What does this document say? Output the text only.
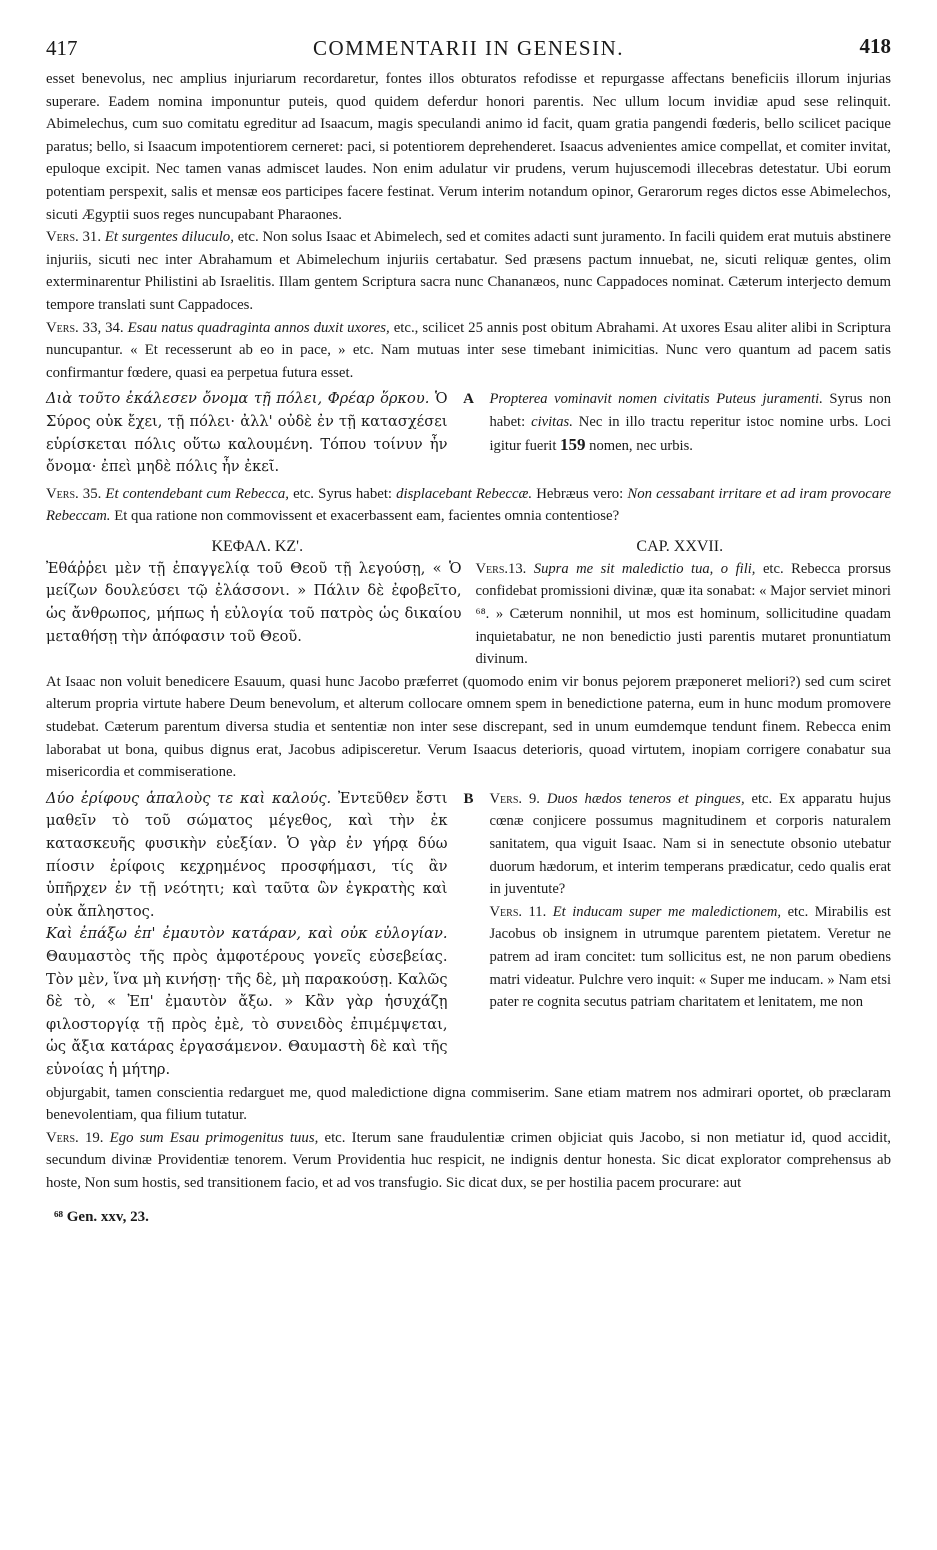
417	COMMENTARII IN GENESIN.	418

esset benevolus, nec amplius injuriarum recordaretur, fontes illos obturatos refodisse et repurgasse affectans beneficiis illorum injurias superare. Eadem nomina imponuntur puteis, quod quidem deferdur honori parentis. Nec ullum locum invidiæ apud sese relinquit. Abimelechus, cum suo comitatu egreditur ad Isaacum, magis speculandi animo id facit, quam gratia pangendi fœderis, bello scilicet pacique paratus; bello, si Isaacum impotentiorem cerneret: paci, si potentiorem deprehenderet. Isaacus advenientes amice compellat, et comiter invitat, epuloque excipit. Nec tamen vanas admiscet laudes. Non enim adulatur vir prudens, verum hujuscemodi illecebras detestatur. Ubi eorum potentiam perspexit, salis et mensæ eos participes facere festinat. Verum interim notandum opinor, Gerarorum reges dictos esse Abimelechos, sicuti Ægyptii suos reges nuncupabant Pharaones.

Vers. 31. Et surgentes diluculo, etc. Non solus Isaac et Abimelech, sed et comites adacti sunt juramento. In facili quidem erat mutuis abstinere injuriis, sicuti nec inter Abrahamum et Abimelechum injuriis certabatur. Sed præsens pactum innuebat, ne, sicuti reliquæ gentes, olim exterminarentur Philistini ab Israelitis. Illam gentem Scriptura sacra nunc Chananæos, nunc Cappadoces nominat. Cæterum interjecto demum tempore translati sunt Cappadoces.

Vers. 33, 34. Esau natus quadraginta annos duxit uxores, etc., scilicet 25 annis post obitum Abrahami. At uxores Esau aliter alibi in Scriptura nuncupantur. « Et recesserunt ab eo in pace, » etc. Nam mutuas inter sese timebant inimicitias. Nunc vero quantum ad pacem satis confirmantur fœdere, quasi ea perpetua futura esset.

Διὰ τοῦτο ἐκάλεσεν ὄνομα τῇ πόλει, Φρέαρ ὅρκου. Ὁ Σύρος οὐκ ἔχει, τῇ πόλει· ἀλλ' οὐδὲ ἐν τῇ κατασχέσει εὑρίσκεται πόλις οὕτω καλουμένη. Τόπου τοίνυν ἦν ὄνομα· ἐπεὶ μηδὲ πόλις ἦν ἐκεῖ.
A Propterea vominavit nomen civitatis Puteus juramenti. Syrus non habet: civitas. Nec in illo tractu reperitur istoc nomine urbs. Loci igitur fuerit 159 nomen, nec urbis.

Vers. 35. Et contendebant cum Rebecca, etc. Syrus habet: displacebant Rebeccæ. Hebræus vero: Non cessabant irritare et ad iram provocare Rebeccam. Et qua ratione non commovissent et exacerbassent eam, facientes omnia contentiose?

ΚΕΦΑΛ. ΚΖ'.	CAP. XXVII.
Ἐθάῤῥει μὲν τῇ ἐπαγγελίᾳ τοῦ Θεοῦ τῇ λεγούσῃ, « Ὁ μείζων δουλεύσει τῷ ἐλάσσονι. » Πάλιν δὲ ἐφοβεῖτο, ὡς ἄνθρωπος, μήπως ἡ εὐλογία τοῦ πατρὸς ὡς δικαίου μεταθήσῃ τὴν ἀπόφασιν τοῦ Θεοῦ.
Vers.13. Supra me sit maledictio tua, o fili, etc. Rebecca prorsus confidebat promissioni divinæ, quæ ita sonabat: « Major serviet minori ⁶⁸. » Cæterum nonnihil, ut mos est hominum, sollicitudine quadam inquietabatur, ne non benedictio justi parentis mutaret pronuntiatum divinum.

At Isaac non voluit benedicere Esauum, quasi hunc Jacobo præferret (quomodo enim vir bonus pejorem præponeret meliori?) sed cum sciret alterum propria virtute habere Deum benevolum, et alterum collocare omnem spem in benedictione paterna, eum in hunc modum promovere studebat. Cæterum parentum diversa studia et sententiæ non inter sese discrepant, sed in unum eumdemque tendunt finem. Rebecca enim laborabat ut bona, quibus dignus erat, Jacobus adipisceretur. Verum Isaacus deterioris, quoad virtutem, inopiam corrigere conabatur sua misericordia et commiseratione.

Δύο ἐρίφους ἁπαλοὺς τε καὶ καλούς. Ἐντεῦθεν ἔστι μαθεῖν τὸ τοῦ σώματος μέγεθος, καὶ τὴν ἐκ κατασκευῆς φυσικὴν εὐεξίαν. Ὁ γὰρ ἐν γήρᾳ δύω πίοσιν ἐρίφοις κεχρημένος προσφήμασι, τίς ἂν ὑπῆρχεν ἐν τῇ νεότητι; καὶ ταῦτα ὢν ἐγκρατὴς καὶ οὐκ ἄπληστος.
Καὶ ἐπάξω ἐπ' ἐμαυτὸν κατάραν, καὶ οὐκ εὐλογίαν. Θαυμαστὸς τῆς πρὸς ἀμφοτέρους γονεῖς εὐσεβείας. Τὸν μὲν, ἵνα μὴ κινήσῃ· τῆς δὲ, μὴ παρακούσῃ. Καλῶς δὲ τὸ, « Ἐπ' ἐμαυτὸν ἄξω. » Κἂν γὰρ ἡσυχάζῃ φιλοστοργίᾳ τῇ πρὸς ἐμὲ, τὸ συνειδὸς ἐπιμέμψεται, ὡς ἄξια κατάρας ἐργασάμενον. Θαυμαστὴ δὲ καὶ τῆς εὐνοίας ἡ μήτηρ.
B Vers. 9. Duos hædos teneros et pingues, etc. Ex apparatu hujus cœnæ conjicere possumus magnitudinem et corporis naturalem sanitatem, qua viguit Isaac. Nam si in senectute obsonio utebatur duorum hædorum, et interim temperans prædicatur, cedo qualis erat in juventute?
Vers. 11. Et inducam super me maledictionem, etc. Mirabilis est Jacobus ob insignem in utrumque parentem pietatem. Veretur ne patrem ad iram concitet: tum sollicitus est, ne non parum obediens matri videatur. Pulchre vero inquit: « Super me inducam. » Nam etsi pater re cognita secutus patriam charitatem et lenitatem, me non

objurgabit, tamen conscientia redarguet me, quod maledictione digna commiserim. Sane etiam matrem nos admirari oportet, ob præclaram benevolentiam, qua filium tutatur.

Vers. 19. Ego sum Esau primogenitus tuus, etc. Iterum sane fraudulentiæ crimen objiciat quis Jacobo, si non metiatur id, quod accidit, secundum divinæ Providentiæ tenorem. Verum Providentia huc respicit, ne indignis dentur honesta. Sic dicat explorator comprehensus ab hoste, Non sum hostis, sed transitionem facio, et ad vos transfugio. Sic dicat dux, se per hostilia pacem procurare: aut

⁶⁸ Gen. xxv, 23.
